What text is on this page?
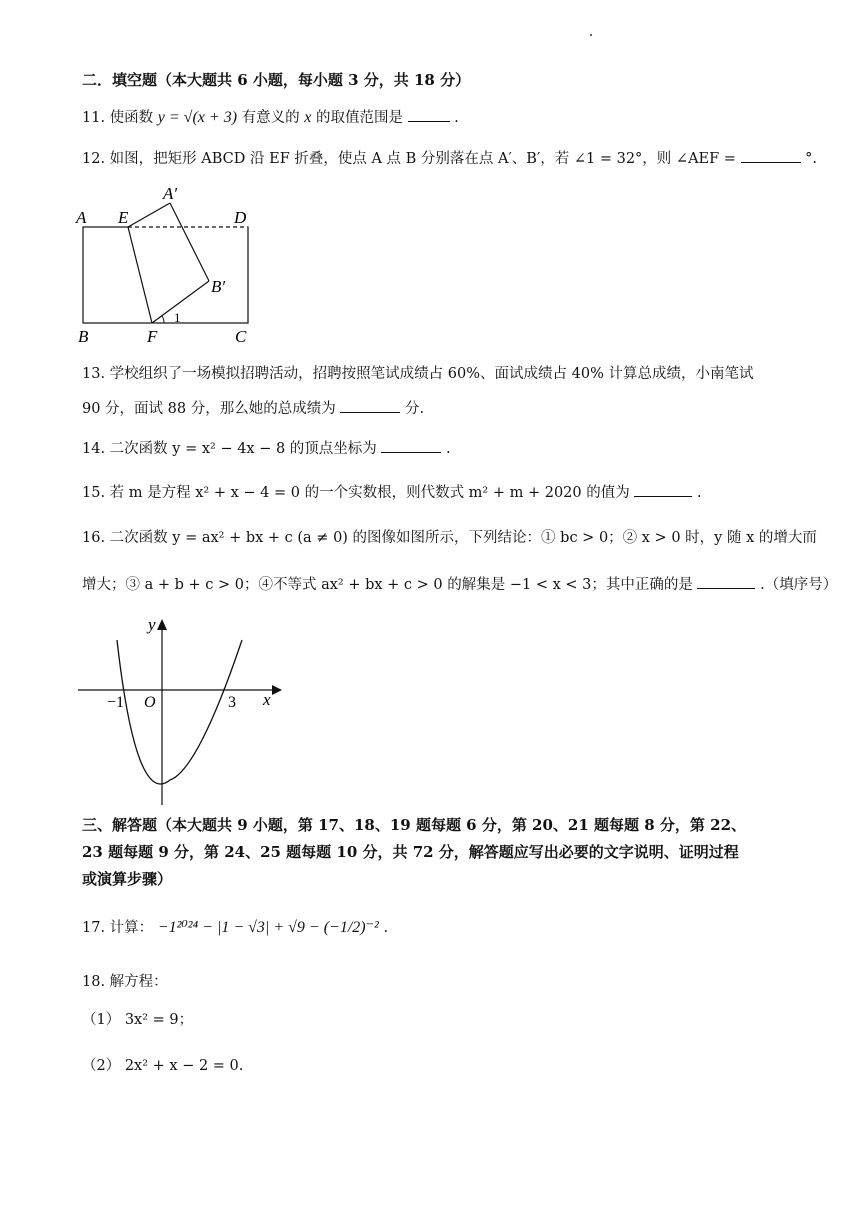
二．填空题（本大题共 6 小题，每小题 3 分，共 18 分）
11. 使函数 y = √(x + 3) 有意义的 x 的取值范围是	.
12. 如图，把矩形 ABCD 沿 EF 折叠，使点 A 点 B 分别落在点 A′、B′，若 ∠1 = 32°，则 ∠AEF =	°.
A E
A′
D
B′
B	F	C
1
13. 学校组织了一场模拟招聘活动，招聘按照笔试成绩占 60%、面试成绩占 40% 计算总成绩，小南笔试
90 分，面试 88 分，那么她的总成绩为	分.
14. 二次函数 y = x² − 4x − 8 的顶点坐标为	.
15. 若 m 是方程 x² + x − 4 = 0 的一个实数根，则代数式 m² + m + 2020 的值为	.
16. 二次函数 y = ax² + bx + c (a ≠ 0) 的图像如图所示，下列结论：① bc > 0；② x > 0 时，y 随 x 的增大而
增大；③ a + b + c > 0；④不等式 ax² + bx + c > 0 的解集是 −1 < x < 3；其中正确的是	.（填序号）
y
x
O
−1	3
三、解答题（本大题共 9 小题，第 17、18、19 题每题 6 分，第 20、21 题每题 8 分，第 22、
23 题每题 9 分，第 24、25 题每题 10 分，共 72 分，解答题应写出必要的文字说明、证明过程
或演算步骤）
17. 计算： −1²⁰²⁴ − |1 − √3| + √9 − (−1/2)⁻² .
18. 解方程：
（1） 3x² = 9；
（2） 2x² + x − 2 = 0.
